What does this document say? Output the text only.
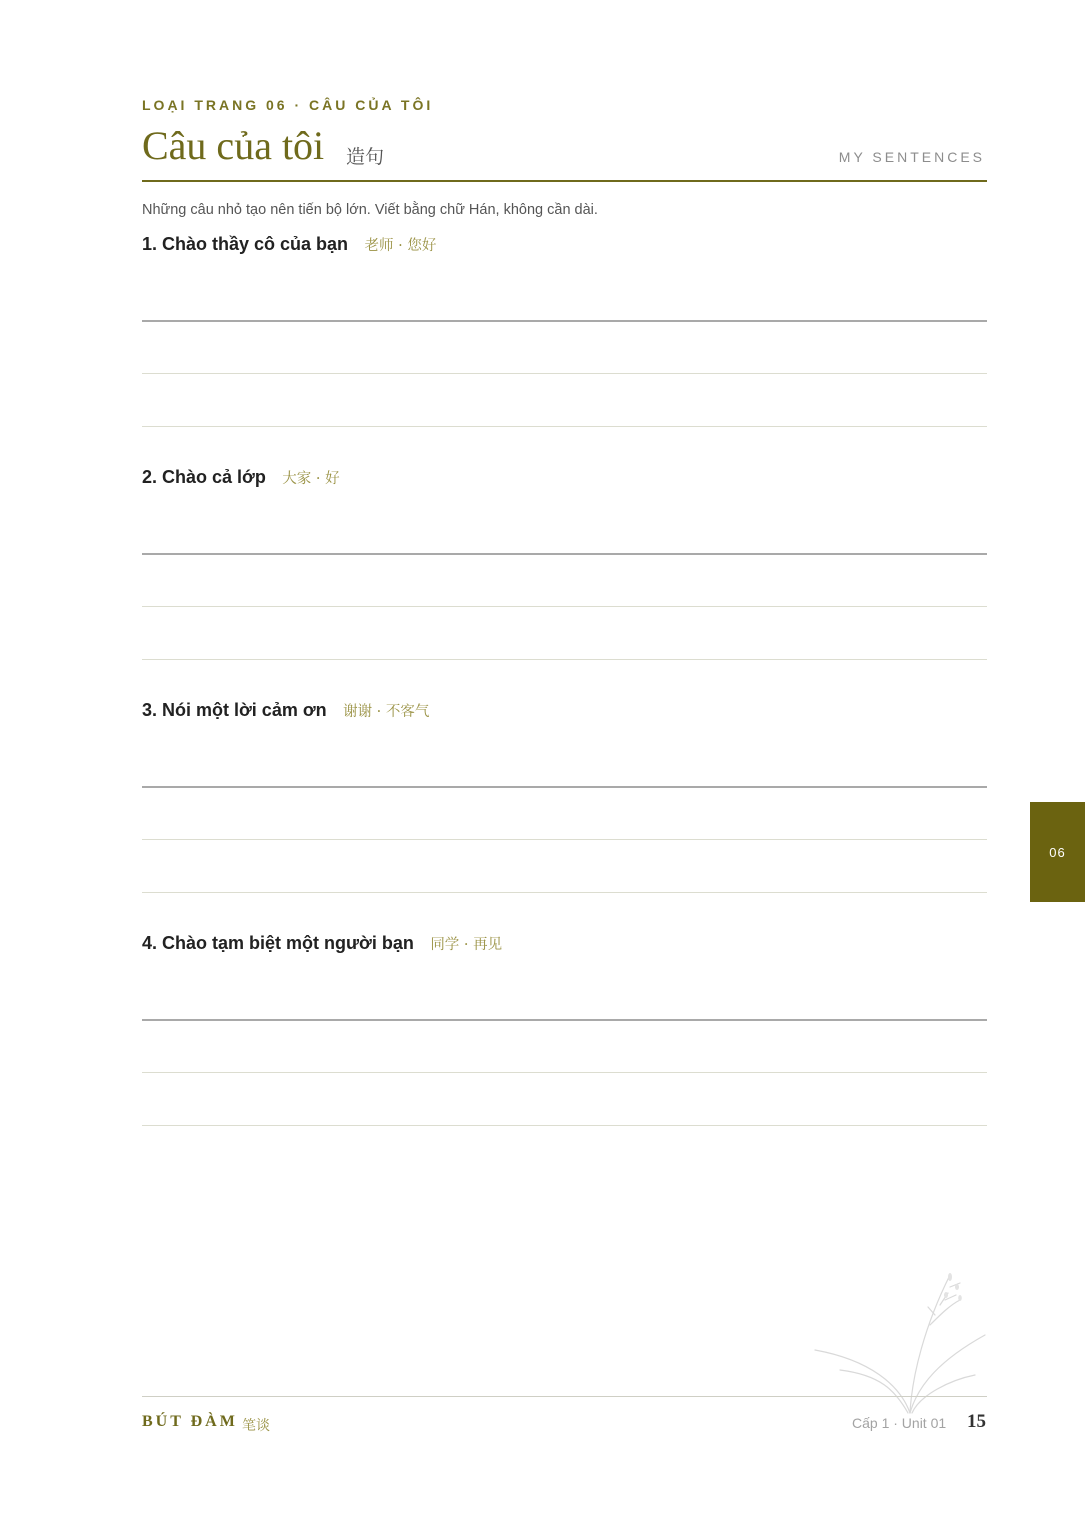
LOẠI TRANG 06 · CÂU CỦA TÔI
Câu của tôi 造句	MY SENTENCES
Những câu nhỏ tạo nên tiến bộ lớn. Viết bằng chữ Hán, không cần dài.
1. Chào thầy cô của bạn 老师 · 您好
2. Chào cả lớp 大家 · 好
3. Nói một lời cảm ơn 谢谢 · 不客气
4. Chào tạm biệt một người bạn 同学 · 再见
06
BÚT ĐÀM 笔谈	Cấp 1 · Unit 01 15
